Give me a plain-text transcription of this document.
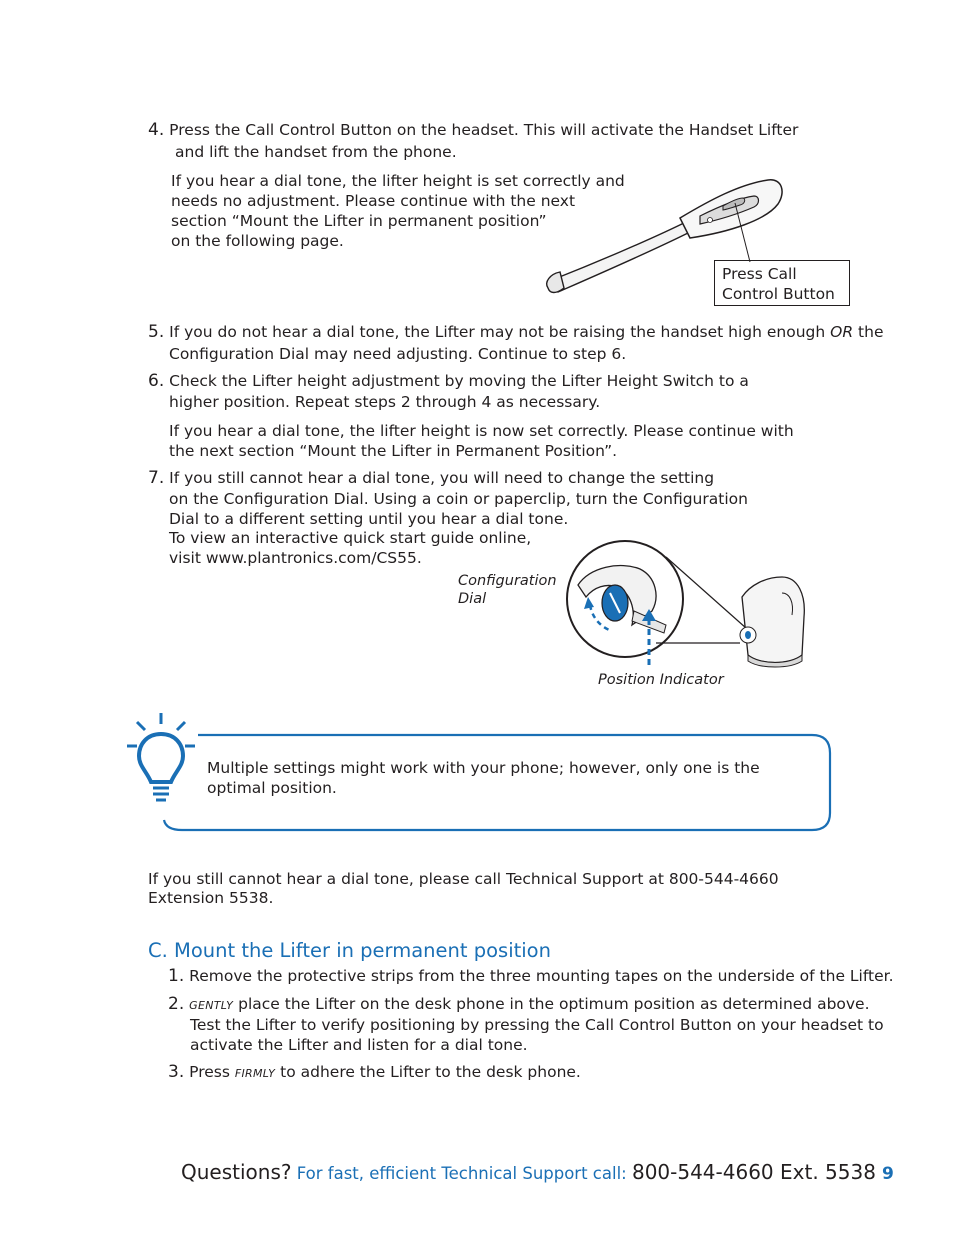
4. Press the Call Control Button on the headset. This will activate the Handset Lifter
and lift the handset from the phone.
If you hear a dial tone, the lifter height is set correctly and
needs no adjustment. Please continue with the next
section “Mount the Lifter in permanent position”
on the following page.
Press Call
Control Button
5. If you do not hear a dial tone, the Lifter may not be raising the handset high enough OR the
Configuration Dial may need adjusting. Continue to step 6.
6. Check the Lifter height adjustment by moving the Lifter Height Switch to a
higher position. Repeat steps 2 through 4 as necessary.
If you hear a dial tone, the lifter height is now set correctly. Please continue with
the next section “Mount the Lifter in Permanent Position”.
7. If you still cannot hear a dial tone, you will need to change the setting
on the Configuration Dial. Using a coin or paperclip, turn the Configuration
Dial to a different setting until you hear a dial tone.
To view an interactive quick start guide online,
visit www.plantronics.com/CS55.
Configuration
Dial
Position Indicator
Multiple settings might work with your phone; however, only one is the
optimal position.
If you still cannot hear a dial tone, please call Technical Support at 800-544-4660
Extension 5538.
C. Mount the Lifter in permanent position
1. Remove the protective strips from the three mounting tapes on the underside of the Lifter.
2. GENTLY place the Lifter on the desk phone in the optimum position as determined above.
Test the Lifter to verify positioning by pressing the Call Control Button on your headset to
activate the Lifter and listen for a dial tone.
3. Press FIRMLY to adhere the Lifter to the desk phone.
Questions? For fast, efficient Technical Support call: 800-544-4660 Ext. 5538 9
